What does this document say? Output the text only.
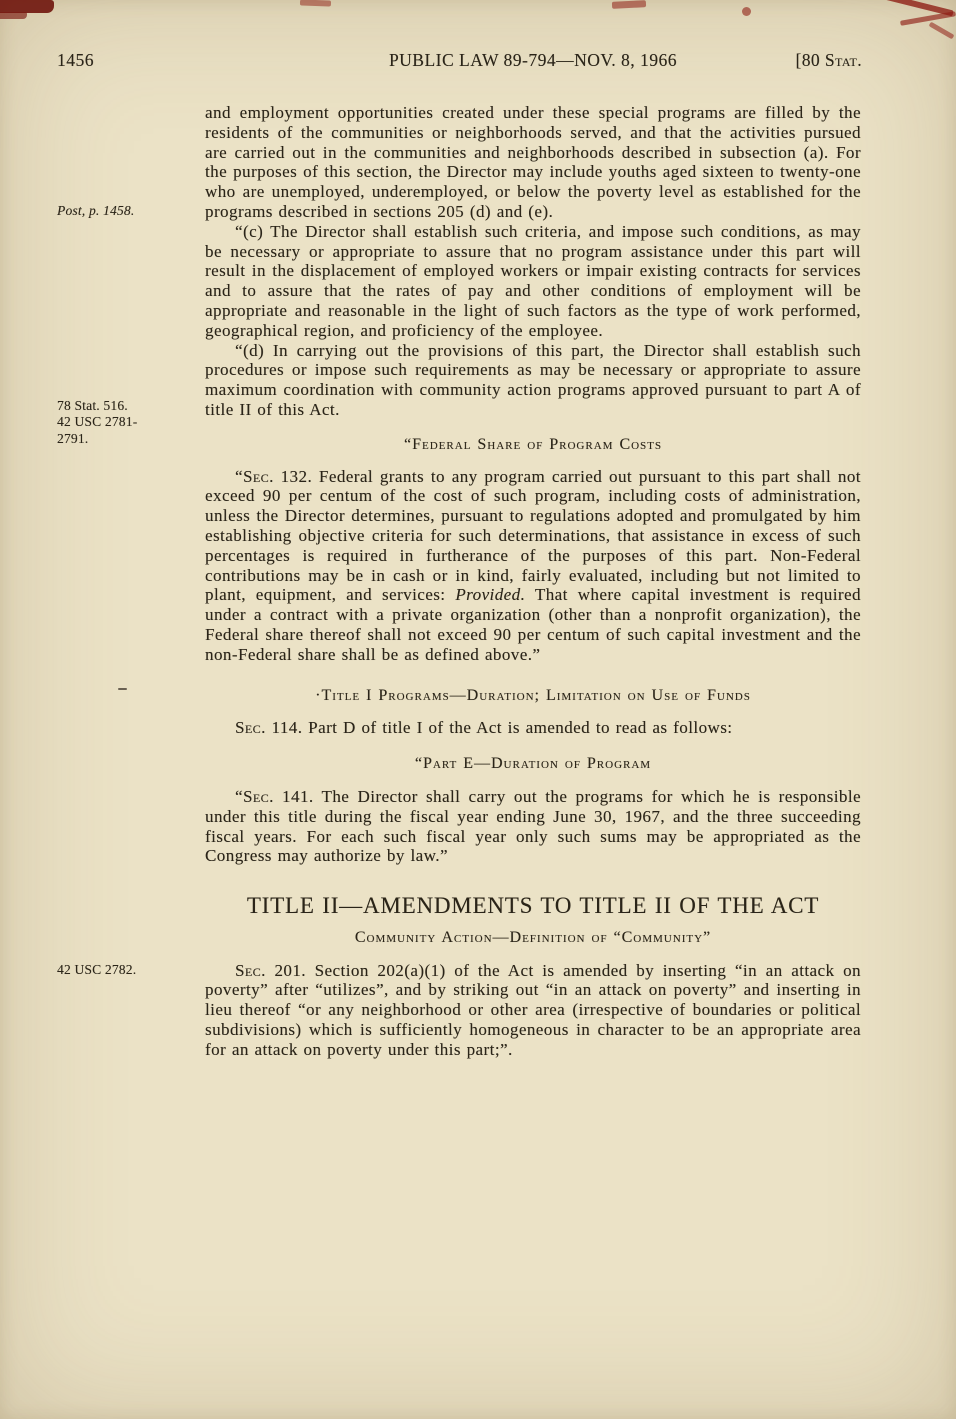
1456	PUBLIC LAW 89-794—NOV. 8, 1966	[80 Stat.

Post, p. 1458.
and employment opportunities created under these special programs are filled by the residents of the communities or neighborhoods served, and that the activities pursued are carried out in the communities and neighborhoods described in subsection (a). For the purposes of this section, the Director may include youths aged sixteen to twenty-one who are unemployed, underemployed, or below the poverty level as established for the programs described in sections 205 (d) and (e).

“(c) The Director shall establish such criteria, and impose such conditions, as may be necessary or appropriate to assure that no program assistance under this part will result in the displacement of employed workers or impair existing contracts for services and to assure that the rates of pay and other conditions of employment will be appropriate and reasonable in the light of such factors as the type of work performed, geographical region, and proficiency of the employee.

78 Stat. 516.
42 USC 2781-
2791.
“(d) In carrying out the provisions of this part, the Director shall establish such procedures or impose such requirements as may be necessary or appropriate to assure maximum coordination with community action programs approved pursuant to part A of title II of this Act.

“Federal Share of Program Costs

“Sec. 132. Federal grants to any program carried out pursuant to this part shall not exceed 90 per centum of the cost of such program, including costs of administration, unless the Director determines, pursuant to regulations adopted and promulgated by him establishing objective criteria for such determinations, that assistance in excess of such percentages is required in furtherance of the purposes of this part. Non-Federal contributions may be in cash or in kind, fairly evaluated, including but not limited to plant, equipment, and services: Provided. That where capital investment is required under a contract with a private organization (other than a nonprofit organization), the Federal share thereof shall not exceed 90 per centum of such capital investment and the non-Federal share shall be as defined above.”

·Title I Programs—Duration; Limitation on Use of Funds

Sec. 114. Part D of title I of the Act is amended to read as follows:

“Part E—Duration of Program

“Sec. 141. The Director shall carry out the programs for which he is responsible under this title during the fiscal year ending June 30, 1967, and the three succeeding fiscal years. For each such fiscal year only such sums may be appropriated as the Congress may authorize by law.”

TITLE II—AMENDMENTS TO TITLE II OF THE ACT

Community Action—Definition of “Community”

42 USC 2782.	Sec. 201. Section 202(a)(1) of the Act is amended by inserting “in an attack on poverty” after “utilizes”, and by striking out “in an attack on poverty” and inserting in lieu thereof “or any neighborhood or other area (irrespective of boundaries or political subdivisions) which is sufficiently homogeneous in character to be an appropriate area for an attack on poverty under this part;”.
